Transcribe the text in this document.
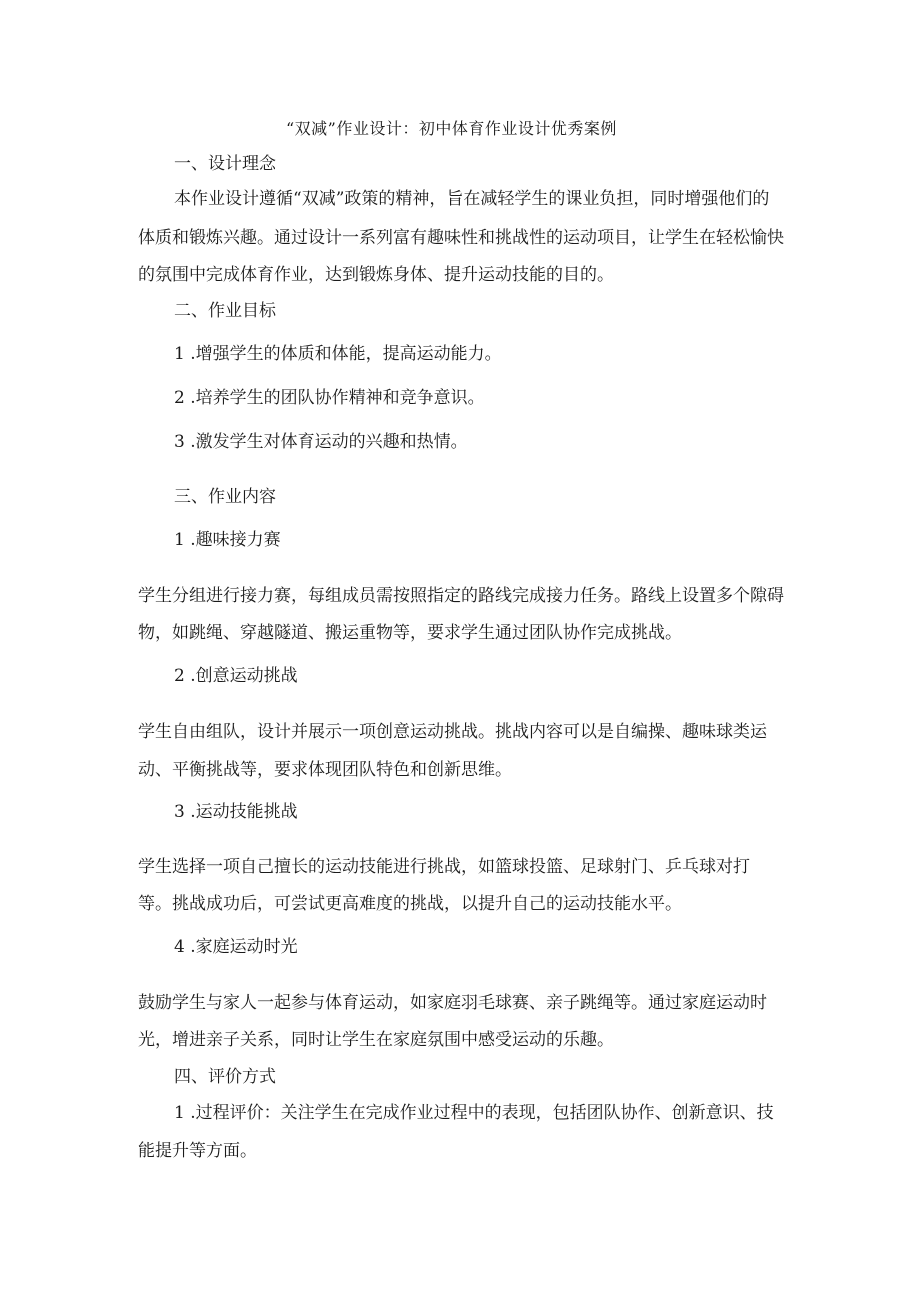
“双减”作业设计：初中体育作业设计优秀案例

一、设计理念

本作业设计遵循“双减”政策的精神，旨在减轻学生的课业负担，同时增强他们的

体质和锻炼兴趣。通过设计一系列富有趣味性和挑战性的运动项目，让学生在轻松愉快

的氛围中完成体育作业，达到锻炼身体、提升运动技能的目的。

二、作业目标

1 .增强学生的体质和体能，提高运动能力。

2 .培养学生的团队协作精神和竞争意识。

3 .激发学生对体育运动的兴趣和热情。

三、作业内容

1 .趣味接力赛

学生分组进行接力赛，每组成员需按照指定的路线完成接力任务。路线上设置多个隙碍

物，如跳绳、穿越隧道、搬运重物等，要求学生通过团队协作完成挑战。

2 .创意运动挑战

学生自由组队，设计并展示一项创意运动挑战。挑战内容可以是自编操、趣味球类运

动、平衡挑战等，要求体现团队特色和创新思维。

3 .运动技能挑战

学生选择一项自己擅长的运动技能进行挑战，如篮球投篮、足球射门、乒乓球对打

等。挑战成功后，可尝试更高难度的挑战，以提升自己的运动技能水平。

4 .家庭运动时光

鼓励学生与家人一起参与体育运动，如家庭羽毛球赛、亲子跳绳等。通过家庭运动时

光，增进亲子关系，同时让学生在家庭氛围中感受运动的乐趣。

四、评价方式

1 .过程评价：关注学生在完成作业过程中的表现，包括团队协作、创新意识、技

能提升等方面。
